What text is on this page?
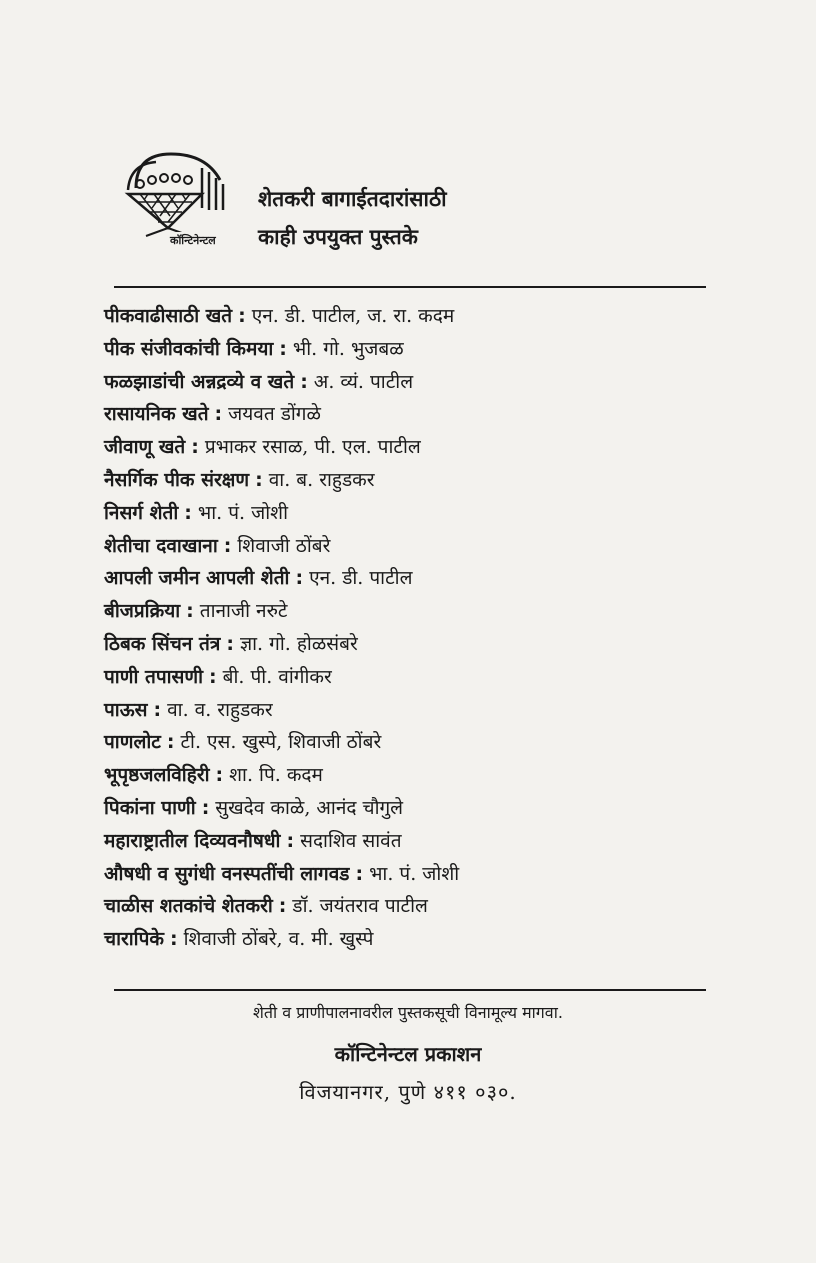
कॉन्टिनेन्टल
शेतकरी बागाईतदारांसाठी
काही उपयुक्त पुस्तके
पीकवाढीसाठी खते : एन. डी. पाटील, ज. रा. कदम
पीक संजीवकांची किमया : भी. गो. भुजबळ
फळझाडांची अन्नद्रव्ये व खते : अ. व्यं. पाटील
रासायनिक खते : जयवत डोंगळे
जीवाणू खते : प्रभाकर रसाळ, पी. एल. पाटील
नैसर्गिक पीक संरक्षण : वा. ब. राहुडकर
निसर्ग शेती : भा. पं. जोशी
शेतीचा दवाखाना : शिवाजी ठोंबरे
आपली जमीन आपली शेती : एन. डी. पाटील
बीजप्रक्रिया : तानाजी नरुटे
ठिबक सिंचन तंत्र : ज्ञा. गो. होळसंबरे
पाणी तपासणी : बी. पी. वांगीकर
पाऊस : वा. व. राहुडकर
पाणलोट : टी. एस. खुस्पे, शिवाजी ठोंबरे
भूपृष्ठजलविहिरी : शा. पि. कदम
पिकांना पाणी : सुखदेव काळे, आनंद चौगुले
महाराष्ट्रातील दिव्यवनौषधी : सदाशिव सावंत
औषधी व सुगंधी वनस्पतींची लागवड : भा. पं. जोशी
चाळीस शतकांचे शेतकरी : डॉ. जयंतराव पाटील
चारापिके : शिवाजी ठोंबरे, व. मी. खुस्पे
शेती व प्राणीपालनावरील पुस्तकसूची विनामूल्य मागवा.
कॉन्टिनेन्टल प्रकाशन
विजयानगर, पुणे ४११ ०३०.
